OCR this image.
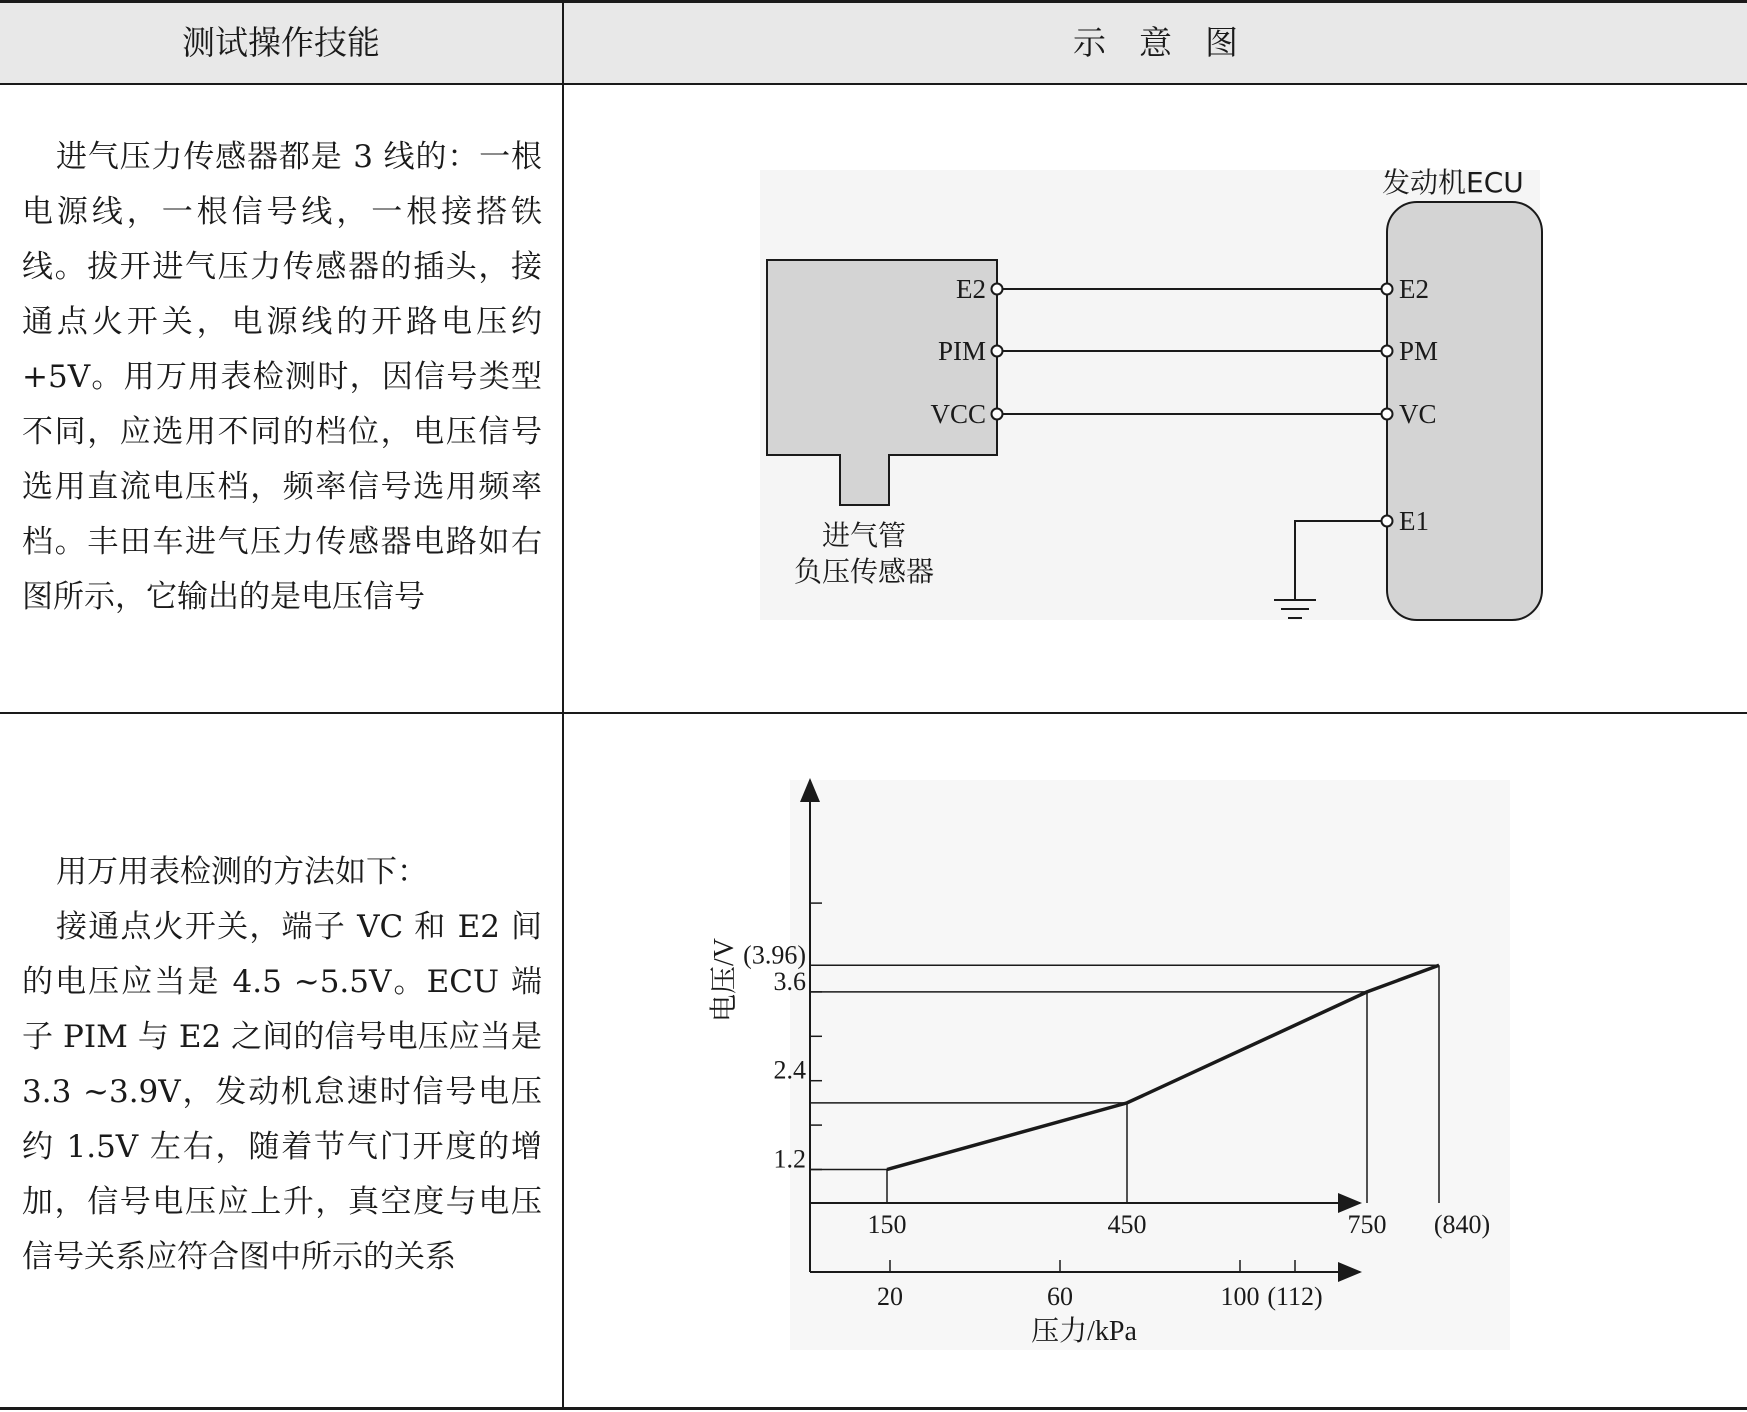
测试操作技能	示　意　图

进气压力传感器都是 3 线的：一根电源线，一根信号线，一根接搭铁线。拔开进气压力传感器的插头，接通点火开关，电源线的开路电压约 +5V。用万用表检测时，因信号类型不同，应选用不同的档位，电压信号选用直流电压档，频率信号选用频率档。丰田车进气压力传感器电路如右图所示，它输出的是电压信号

发动机ECU
E2
PIM
VCC
E2
PM
VC
E1
进气管
负压传感器

用万用表检测的方法如下：

接通点火开关，端子 VC 和 E2 间的电压应当是 4.5 ~5.5V。ECU 端子 PIM 与 E2 之间的信号电压应当是 3.3 ~3.9V，发动机怠速时信号电压约 1.5V 左右，随着节气门开度的增加，信号电压应上升，真空度与电压信号关系应符合图中所示的关系

(3.96)
3.6
2.4
1.2
150	450	750 (840)
20	60	100 (112)
压力/kPa
电压/V
